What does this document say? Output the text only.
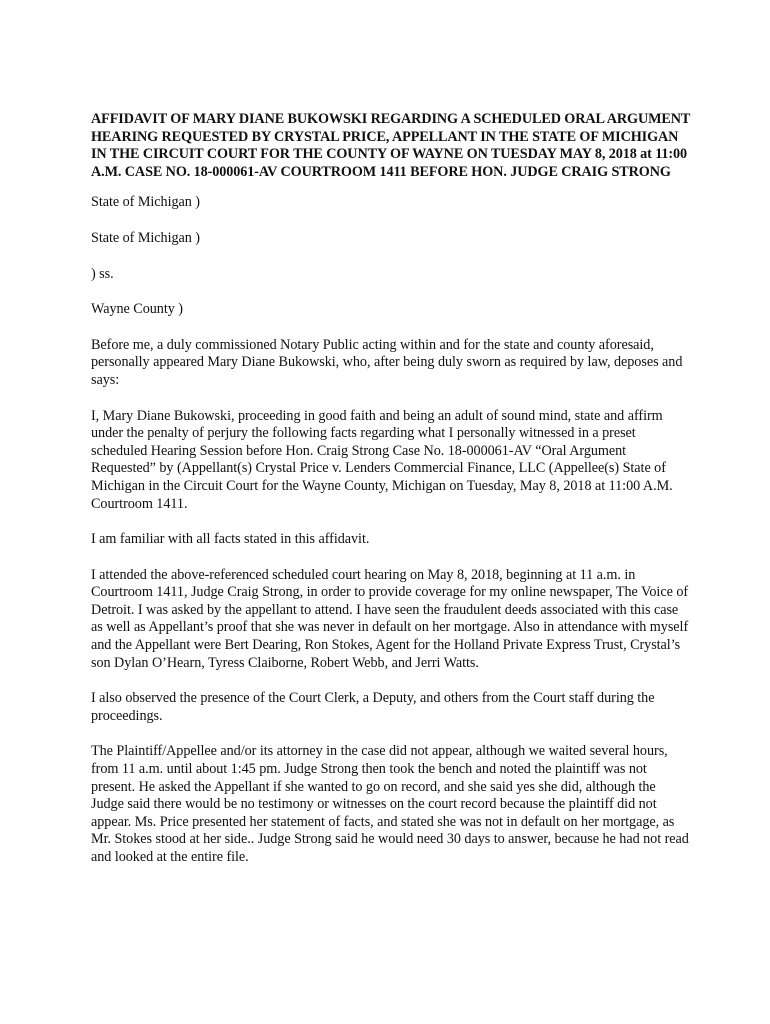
AFFIDAVIT OF MARY DIANE BUKOWSKI REGARDING A SCHEDULED ORAL ARGUMENT HEARING REQUESTED BY CRYSTAL PRICE, APPELLANT IN THE STATE OF MICHIGAN IN THE CIRCUIT COURT FOR THE COUNTY OF WAYNE ON TUESDAY MAY 8, 2018 at 11:00 A.M. CASE NO. 18-000061-AV COURTROOM 1411 BEFORE HON. JUDGE CRAIG STRONG

State of Michigan )

State of Michigan )

) ss.

Wayne County )

Before me, a duly commissioned Notary Public acting within and for the state and county aforesaid, personally appeared Mary Diane Bukowski, who, after being duly sworn as required by law, deposes and says:

I, Mary Diane Bukowski, proceeding in good faith and being an adult of sound mind, state and affirm under the penalty of perjury the following facts regarding what I personally witnessed in a preset scheduled Hearing Session before Hon. Craig Strong Case No. 18-000061-AV “Oral Argument Requested” by (Appellant(s) Crystal Price v. Lenders Commercial Finance, LLC (Appellee(s) State of Michigan in the Circuit Court for the Wayne County, Michigan on Tuesday, May 8, 2018 at 11:00 A.M. Courtroom 1411.

I am familiar with all facts stated in this affidavit.

I attended the above-referenced scheduled court hearing on May 8, 2018, beginning at 11 a.m. in Courtroom 1411, Judge Craig Strong, in order to provide coverage for my online newspaper, The Voice of Detroit. I was asked by the appellant to attend. I have seen the fraudulent deeds associated with this case as well as Appellant’s proof that she was never in default on her mortgage. Also in attendance with myself and the Appellant were Bert Dearing, Ron Stokes, Agent for the Holland Private Express Trust, Crystal’s son Dylan O’Hearn, Tyress Claiborne, Robert Webb, and Jerri Watts.

I also observed the presence of the Court Clerk, a Deputy, and others from the Court staff during the proceedings.

The Plaintiff/Appellee and/or its attorney in the case did not appear, although we waited several hours, from 11 a.m. until about 1:45 pm. Judge Strong then took the bench and noted the plaintiff was not present. He asked the Appellant if she wanted to go on record, and she said yes she did, although the Judge said there would be no testimony or witnesses on the court record because the plaintiff did not appear. Ms. Price presented her statement of facts, and stated she was not in default on her mortgage, as Mr. Stokes stood at her side.. Judge Strong said he would need 30 days to answer, because he had not read and looked at the entire file.
